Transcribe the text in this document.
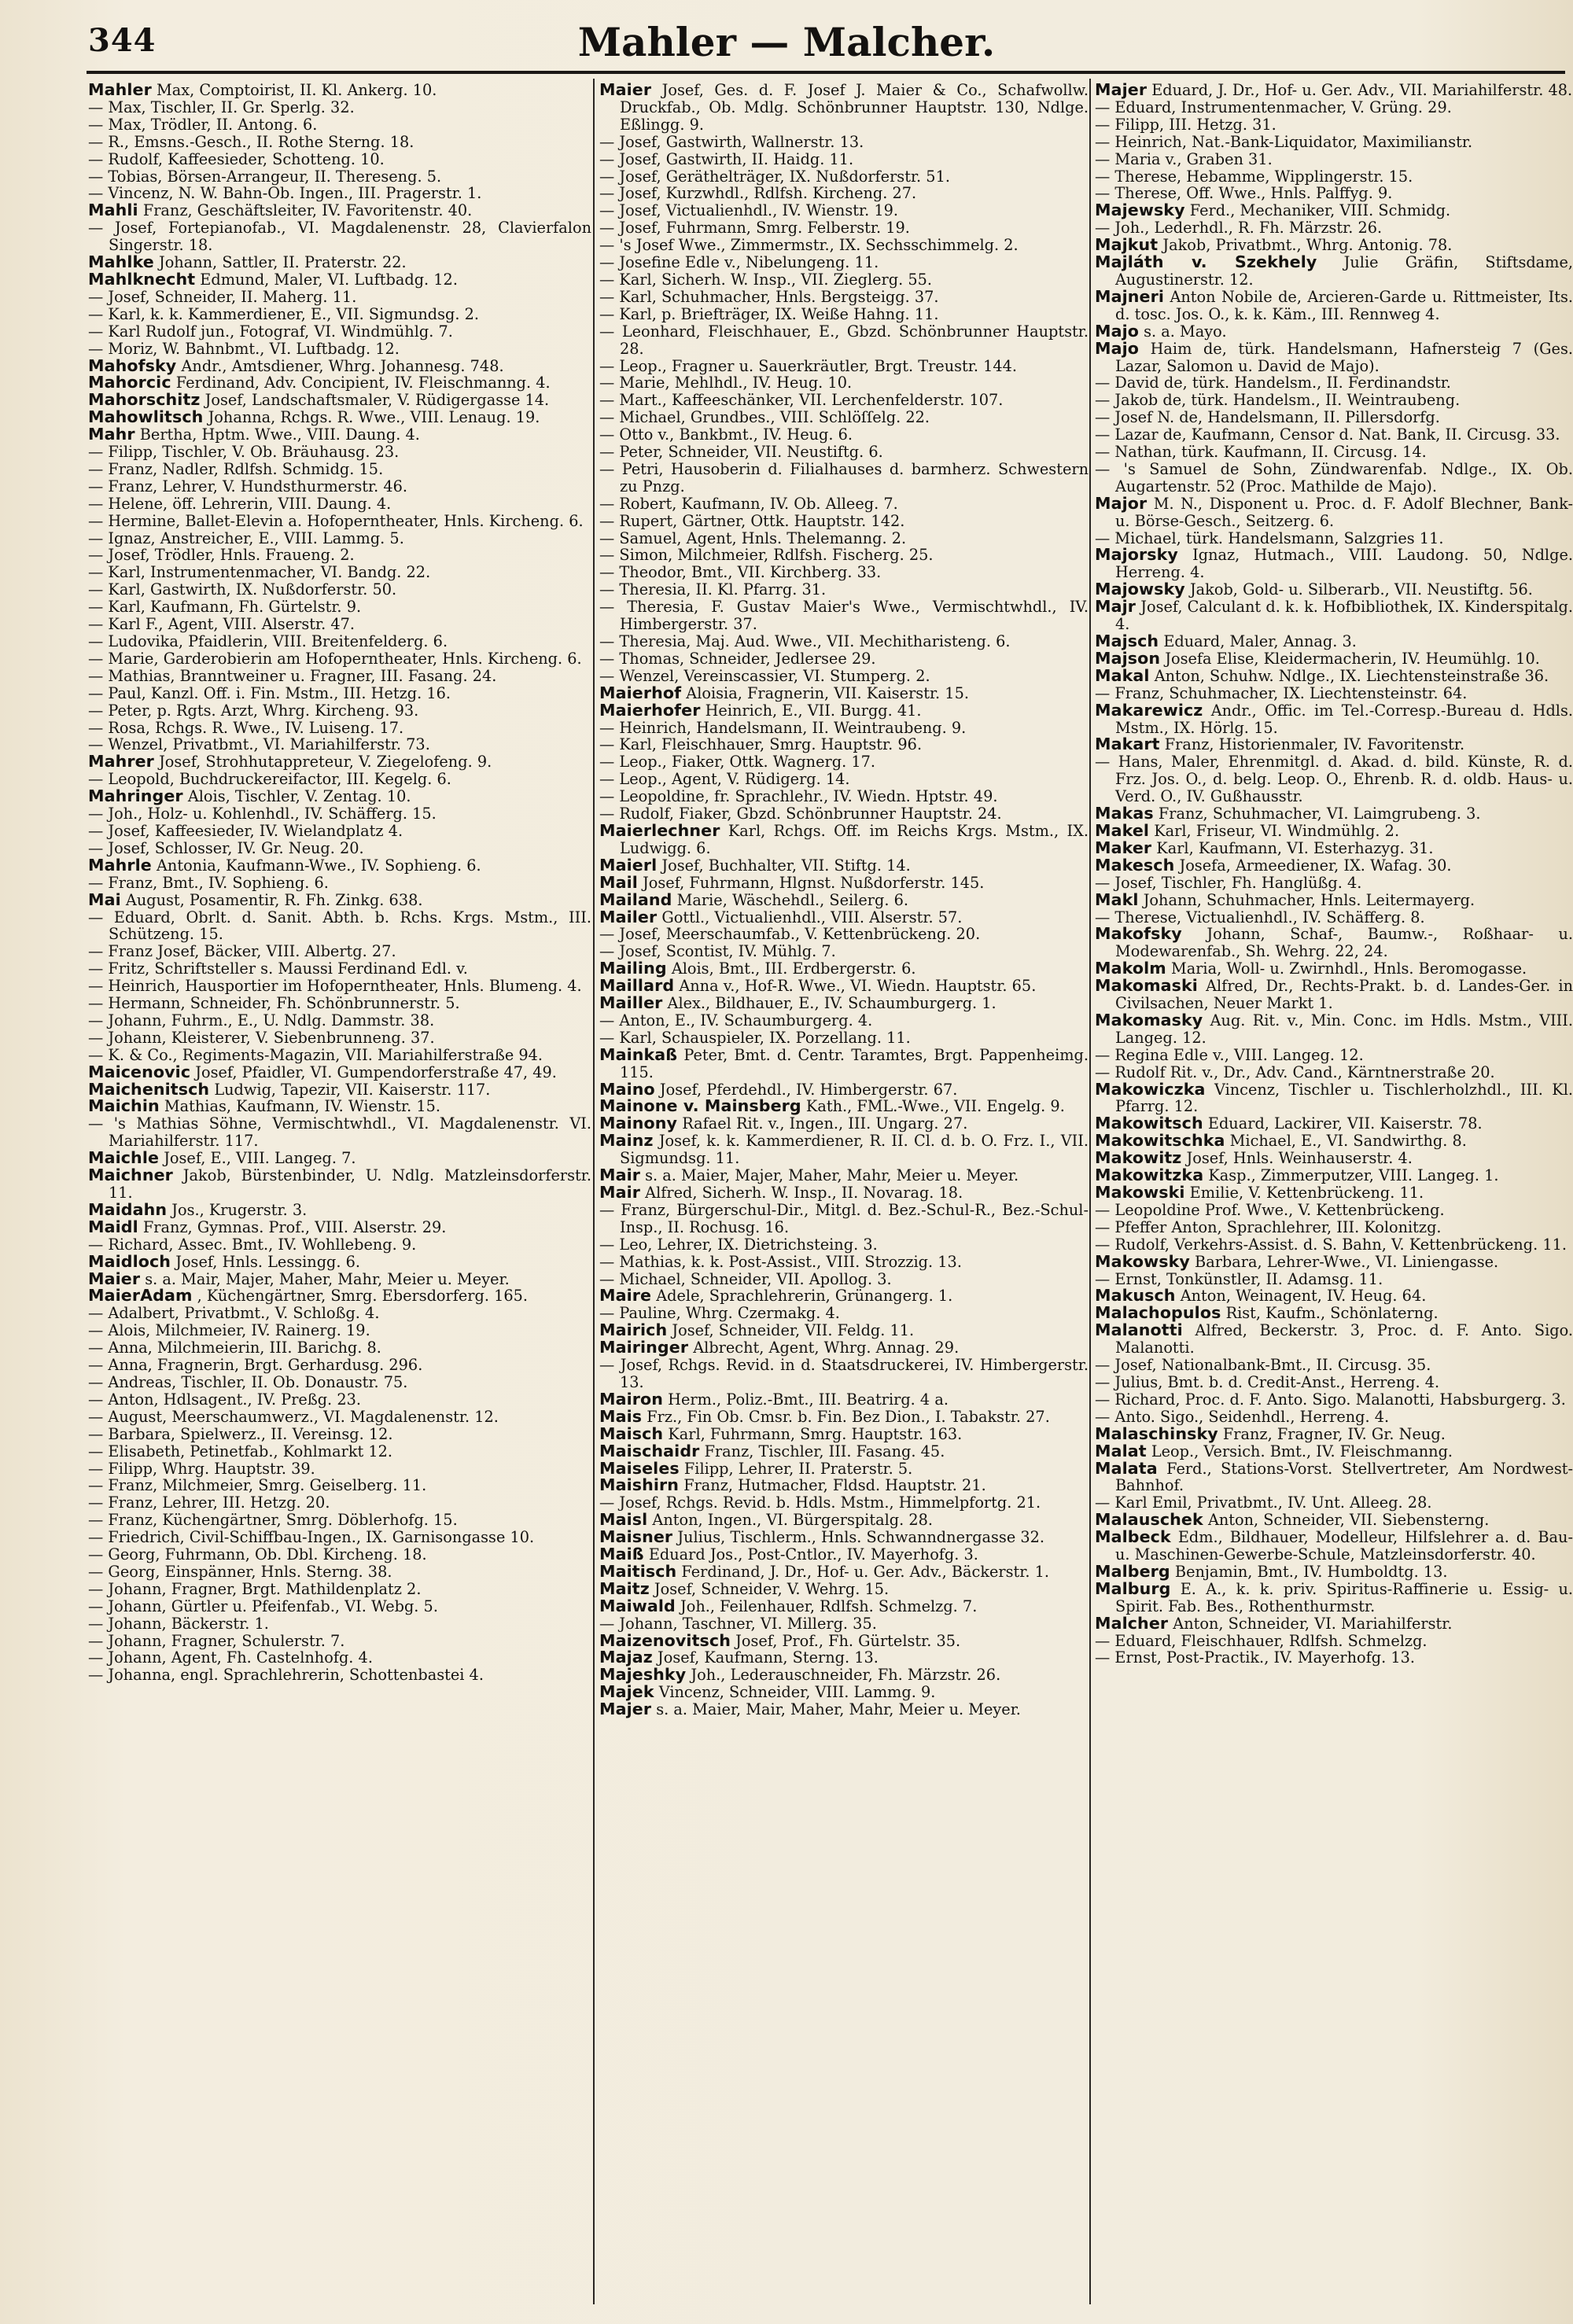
344	Mahler — Malcher.
Mahler Max, Comptoirist, II. Kl. Ankerg. 10.
— Max, Tischler, II. Gr. Sperlg. 32.
— Max, Trödler, II. Antong. 6.
— R., Emsns.-Gesch., II. Rothe Sterng. 18.
— Rudolf, Kaffeesieder, Schotteng. 10.
— Tobias, Börsen-Arrangeur, II. Thereseng. 5.
— Vincenz, N. W. Bahn-Ob. Ingen., III. Pragerstr. 1.
Mahli Franz, Geschäftsleiter, IV. Favoritenstr. 40.
— Josef, Fortepianofab., VI. Magdalenenstr. 28, Clavierfalon Singerstr. 18.
Mahlke Johann, Sattler, II. Praterstr. 22.
Mahlknecht Edmund, Maler, VI. Luftbadg. 12.
— Josef, Schneider, II. Maherg. 11.
— Karl, k. k. Kammerdiener, E., VII. Sigmundsg. 2.
— Karl Rudolf jun., Fotograf, VI. Windmühlg. 7.
— Moriz, W. Bahnbmt., VI. Luftbadg. 12.
Mahofsky Andr., Amtsdiener, Whrg. Johannesg. 748.
Mahorcic Ferdinand, Adv. Concipient, IV. Fleischmanng. 4.
Mahorschitz Josef, Landschaftsmaler, V. Rüdigergasse 14.
Mahowlitsch Johanna, Rchgs. R. Wwe., VIII. Lenaug. 19.
Mahr Bertha, Hptm. Wwe., VIII. Daung. 4.
— Filipp, Tischler, V. Ob. Bräuhausg. 23.
— Franz, Nadler, Rdlfsh. Schmidg. 15.
— Franz, Lehrer, V. Hundsthurmerstr. 46.
— Helene, öff. Lehrerin, VIII. Daung. 4.
— Hermine, Ballet-Elevin a. Hofoperntheater, Hnls. Kircheng. 6.
— Ignaz, Anstreicher, E., VIII. Lammg. 5.
— Josef, Trödler, Hnls. Fraueng. 2.
— Karl, Instrumentenmacher, VI. Bandg. 22.
— Karl, Gastwirth, IX. Nußdorferstr. 50.
— Karl, Kaufmann, Fh. Gürtelstr. 9.
— Karl F., Agent, VIII. Alserstr. 47.
— Ludovika, Pfaidlerin, VIII. Breitenfelderg. 6.
— Marie, Garderobierin am Hofoperntheater, Hnls. Kircheng. 6.
— Mathias, Branntweiner u. Fragner, III. Fasang. 24.
— Paul, Kanzl. Off. i. Fin. Mstm., III. Hetzg. 16.
— Peter, p. Rgts. Arzt, Whrg. Kircheng. 93.
— Rosa, Rchgs. R. Wwe., IV. Luiseng. 17.
— Wenzel, Privatbmt., VI. Mariahilferstr. 73.
Mahrer Josef, Strohhutappreteur, V. Ziegelofeng. 9.
— Leopold, Buchdruckereifactor, III. Kegelg. 6.
Mahringer Alois, Tischler, V. Zentag. 10.
— Joh., Holz- u. Kohlenhdl., IV. Schäfferg. 15.
— Josef, Kaffeesieder, IV. Wielandplatz 4.
— Josef, Schlosser, IV. Gr. Neug. 20.
Mahrle Antonia, Kaufmann-Wwe., IV. Sophieng. 6.
— Franz, Bmt., IV. Sophieng. 6.
Mai August, Posamentir, R. Fh. Zinkg. 638.
— Eduard, Obrlt. d. Sanit. Abth. b. Rchs. Krgs. Mstm., III. Schützeng. 15.
— Franz Josef, Bäcker, VIII. Albertg. 27.
— Fritz, Schriftsteller s. Maussi Ferdinand Edl. v.
— Heinrich, Hausportier im Hofoperntheater, Hnls. Blumeng. 4.
— Hermann, Schneider, Fh. Schönbrunnerstr. 5.
— Johann, Fuhrm., E., U. Ndlg. Dammstr. 38.
— Johann, Kleisterer, V. Siebenbrunneng. 37.
— K. & Co., Regiments-Magazin, VII. Mariahilferstraße 94.
Maicenovic Josef, Pfaidler, VI. Gumpendorferstraße 47, 49.
Maichenitsch Ludwig, Tapezir, VII. Kaiserstr. 117.
Maichin Mathias, Kaufmann, IV. Wienstr. 15.
— 's Mathias Söhne, Vermischtwhdl., VI. Magdalenenstr. VI. Mariahilferstr. 117.
Maichle Josef, E., VIII. Langeg. 7.
Maichner Jakob, Bürstenbinder, U. Ndlg. Matzleinsdorferstr. 11.
Maidahn Jos., Krugerstr. 3.
Maidl Franz, Gymnas. Prof., VIII. Alserstr. 29.
— Richard, Assec. Bmt., IV. Wohllebeng. 9.
Maidloch Josef, Hnls. Lessingg. 6.
Maier s. a. Mair, Majer, Maher, Mahr, Meier u. Meyer.
MaierAdam , Küchengärtner, Smrg. Ebersdorferg. 165.
— Adalbert, Privatbmt., V. Schloßg. 4.
— Alois, Milchmeier, IV. Rainerg. 19.
— Anna, Milchmeierin, III. Barichg. 8.
— Anna, Fragnerin, Brgt. Gerhardusg. 296.
— Andreas, Tischler, II. Ob. Donaustr. 75.
— Anton, Hdlsagent., IV. Preßg. 23.
— August, Meerschaumwerz., VI. Magdalenenstr. 12.
— Barbara, Spielwerz., II. Vereinsg. 12.
— Elisabeth, Petinetfab., Kohlmarkt 12.
— Filipp, Whrg. Hauptstr. 39.
— Franz, Milchmeier, Smrg. Geiselberg. 11.
— Franz, Lehrer, III. Hetzg. 20.
— Franz, Küchengärtner, Smrg. Döblerhofg. 15.
— Friedrich, Civil-Schiffbau-Ingen., IX. Garnisongasse 10.
— Georg, Fuhrmann, Ob. Dbl. Kircheng. 18.
— Georg, Einspänner, Hnls. Sterng. 38.
— Johann, Fragner, Brgt. Mathildenplatz 2.
— Johann, Gürtler u. Pfeifenfab., VI. Webg. 5.
— Johann, Bäckerstr. 1.
— Johann, Fragner, Schulerstr. 7.
— Johann, Agent, Fh. Castelnhofg. 4.
— Johanna, engl. Sprachlehrerin, Schottenbastei 4.
Maier Josef, Ges. d. F. Josef J. Maier & Co., Schafwollw. Druckfab., Ob. Mdlg. Schönbrunner Hauptstr. 130, Ndlge. Eßlingg. 9.
— Josef, Gastwirth, Wallnerstr. 13.
— Josef, Gastwirth, II. Haidg. 11.
— Josef, Geräthelträger, IX. Nußdorferstr. 51.
— Josef, Kurzwhdl., Rdlfsh. Kircheng. 27.
— Josef, Victualienhdl., IV. Wienstr. 19.
— Josef, Fuhrmann, Smrg. Felberstr. 19.
— 's Josef Wwe., Zimmermstr., IX. Sechsschimmelg. 2.
— Josefine Edle v., Nibelungeng. 11.
— Karl, Sicherh. W. Insp., VII. Zieglerg. 55.
— Karl, Schuhmacher, Hnls. Bergsteigg. 37.
— Karl, p. Briefträger, IX. Weiße Hahng. 11.
— Leonhard, Fleischhauer, E., Gbzd. Schönbrunner Hauptstr. 28.
— Leop., Fragner u. Sauerkräutler, Brgt. Treustr. 144.
— Marie, Mehlhdl., IV. Heug. 10.
— Mart., Kaffeeschänker, VII. Lerchenfelderstr. 107.
— Michael, Grundbes., VIII. Schlöſſelg. 22.
— Otto v., Bankbmt., IV. Heug. 6.
— Peter, Schneider, VII. Neustiftg. 6.
— Petri, Hausoberin d. Filialhauses d. barmherz. Schwestern zu Pnzg.
— Robert, Kaufmann, IV. Ob. Alleeg. 7.
— Rupert, Gärtner, Ottk. Hauptstr. 142.
— Samuel, Agent, Hnls. Thelemanng. 2.
— Simon, Milchmeier, Rdlfsh. Fischerg. 25.
— Theodor, Bmt., VII. Kirchberg. 33.
— Theresia, II. Kl. Pfarrg. 31.
— Theresia, F. Gustav Maier's Wwe., Vermischtwhdl., IV. Himbergerstr. 37.
— Theresia, Maj. Aud. Wwe., VII. Mechitharisteng. 6.
— Thomas, Schneider, Jedlersee 29.
— Wenzel, Vereinscassier, VI. Stumperg. 2.
Maierhof Aloisia, Fragnerin, VII. Kaiserstr. 15.
Maierhofer Heinrich, E., VII. Burgg. 41.
— Heinrich, Handelsmann, II. Weintraubeng. 9.
— Karl, Fleischhauer, Smrg. Hauptstr. 96.
— Leop., Fiaker, Ottk. Wagnerg. 17.
— Leop., Agent, V. Rüdigerg. 14.
— Leopoldine, fr. Sprachlehr., IV. Wiedn. Hptstr. 49.
— Rudolf, Fiaker, Gbzd. Schönbrunner Hauptstr. 24.
Maierlechner Karl, Rchgs. Off. im Reichs Krgs. Mstm., IX. Ludwigg. 6.
Maierl Josef, Buchhalter, VII. Stiftg. 14.
Mail Josef, Fuhrmann, Hlgnst. Nußdorferstr. 145.
Mailand Marie, Wäschehdl., Seilerg. 6.
Mailer Gottl., Victualienhdl., VIII. Alserstr. 57.
— Josef, Meerschaumfab., V. Kettenbrückeng. 20.
— Josef, Scontist, IV. Mühlg. 7.
Mailing Alois, Bmt., III. Erdbergerstr. 6.
Maillard Anna v., Hof-R. Wwe., VI. Wiedn. Hauptstr. 65.
Mailler Alex., Bildhauer, E., IV. Schaumburgerg. 1.
— Anton, E., IV. Schaumburgerg. 4.
— Karl, Schauspieler, IX. Porzellang. 11.
Mainkaß Peter, Bmt. d. Centr. Taramtes, Brgt. Pappenheimg. 115.
Maino Josef, Pferdehdl., IV. Himbergerstr. 67.
Mainone v. Mainsberg Kath., FML.-Wwe., VII. Engelg. 9.
Mainony Rafael Rit. v., Ingen., III. Ungarg. 27.
Mainz Josef, k. k. Kammerdiener, R. II. Cl. d. b. O. Frz. I., VII. Sigmundsg. 11.
Mair s. a. Maier, Majer, Maher, Mahr, Meier u. Meyer.
Mair Alfred, Sicherh. W. Insp., II. Novarag. 18.
— Franz, Bürgerschul-Dir., Mitgl. d. Bez.-Schul-R., Bez.-Schul-Insp., II. Rochusg. 16.
— Leo, Lehrer, IX. Dietrichsteing. 3.
— Mathias, k. k. Post-Assist., VIII. Strozzig. 13.
— Michael, Schneider, VII. Apollog. 3.
Maire Adele, Sprachlehrerin, Grünangerg. 1.
— Pauline, Whrg. Czermakg. 4.
Mairich Josef, Schneider, VII. Feldg. 11.
Mairinger Albrecht, Agent, Whrg. Annag. 29.
— Josef, Rchgs. Revid. in d. Staatsdruckerei, IV. Himbergerstr. 13.
Mairon Herm., Poliz.-Bmt., III. Beatrirg. 4 a.
Mais Frz., Fin Ob. Cmsr. b. Fin. Bez Dion., I. Tabakstr. 27.
Maisch Karl, Fuhrmann, Smrg. Hauptstr. 163.
Maischaidr Franz, Tischler, III. Fasang. 45.
Maiseles Filipp, Lehrer, II. Praterstr. 5.
Maishirn Franz, Hutmacher, Fldsd. Hauptstr. 21.
— Josef, Rchgs. Revid. b. Hdls. Mstm., Himmelpfortg. 21.
Maisl Anton, Ingen., VI. Bürgerspitalg. 28.
Maisner Julius, Tischlerm., Hnls. Schwanndnergasse 32.
Maiß Eduard Jos., Post-Cntlor., IV. Mayerhofg. 3.
Maitisch Ferdinand, J. Dr., Hof- u. Ger. Adv., Bäckerstr. 1.
Maitz Josef, Schneider, V. Wehrg. 15.
Maiwald Joh., Feilenhauer, Rdlfsh. Schmelzg. 7.
— Johann, Taschner, VI. Millerg. 35.
Maizenovitsch Josef, Prof., Fh. Gürtelstr. 35.
Majaz Josef, Kaufmann, Sterng. 13.
Majeshky Joh., Lederauschneider, Fh. Märzstr. 26.
Majek Vincenz, Schneider, VIII. Lammg. 9.
Majer s. a. Maier, Mair, Maher, Mahr, Meier u. Meyer.
Majer Eduard, J. Dr., Hof- u. Ger. Adv., VII. Mariahilferstr. 48.
— Eduard, Instrumentenmacher, V. Grüng. 29.
— Filipp, III. Hetzg. 31.
— Heinrich, Nat.-Bank-Liquidator, Maximilianstr.
— Maria v., Graben 31.
— Therese, Hebamme, Wipplingerstr. 15.
— Therese, Off. Wwe., Hnls. Palffyg. 9.
Majewsky Ferd., Mechaniker, VIII. Schmidg.
— Joh., Lederhdl., R. Fh. Märzstr. 26.
Majkut Jakob, Privatbmt., Whrg. Antonig. 78.
Majláth v. Szekhely Julie Gräfin, Stiftsdame, Augustinerstr. 12.
Majneri Anton Nobile de, Arcieren-Garde u. Rittmeister, Its. d. tosc. Jos. O., k. k. Käm., III. Rennweg 4.
Majo s. a. Mayo.
Majo Haim de, türk. Handelsmann, Hafnersteig 7 (Ges. Lazar, Salomon u. David de Majo).
— David de, türk. Handelsm., II. Ferdinandstr.
— Jakob de, türk. Handelsm., II. Weintraubeng.
— Josef N. de, Handelsmann, II. Pillersdorfg.
— Lazar de, Kaufmann, Censor d. Nat. Bank, II. Circusg. 33.
— Nathan, türk. Kaufmann, II. Circusg. 14.
— 's Samuel de Sohn, Zündwarenfab. Ndlge., IX. Ob. Augartenstr. 52 (Proc. Mathilde de Majo).
Major M. N., Disponent u. Proc. d. F. Adolf Blechner, Bank- u. Börse-Gesch., Seitzerg. 6.
— Michael, türk. Handelsmann, Salzgries 11.
Majorsky Ignaz, Hutmach., VIII. Laudong. 50, Ndlge. Herreng. 4.
Majowsky Jakob, Gold- u. Silberarb., VII. Neustiftg. 56.
Majr Josef, Calculant d. k. k. Hofbibliothek, IX. Kinderspitalg. 4.
Majsch Eduard, Maler, Annag. 3.
Majson Josefa Elise, Kleidermacherin, IV. Heumühlg. 10.
Makal Anton, Schuhw. Ndlge., IX. Liechtensteinstraße 36.
— Franz, Schuhmacher, IX. Liechtensteinstr. 64.
Makarewicz Andr., Offic. im Tel.-Corresp.-Bureau d. Hdls. Mstm., IX. Hörlg. 15.
Makart Franz, Historienmaler, IV. Favoritenstr.
— Hans, Maler, Ehrenmitgl. d. Akad. d. bild. Künste, R. d. Frz. Jos. O., d. belg. Leop. O., Ehrenb. R. d. oldb. Haus- u. Verd. O., IV. Gußhausstr.
Makas Franz, Schuhmacher, VI. Laimgrubeng. 3.
Makel Karl, Friseur, VI. Windmühlg. 2.
Maker Karl, Kaufmann, VI. Esterhazyg. 31.
Makesch Josefa, Armeediener, IX. Wafag. 30.
— Josef, Tischler, Fh. Hanglüßg. 4.
Makl Johann, Schuhmacher, Hnls. Leitermayerg.
— Therese, Victualienhdl., IV. Schäfferg. 8.
Makofsky Johann, Schaf-, Baumw.-, Roßhaar- u. Modewarenfab., Sh. Wehrg. 22, 24.
Makolm Maria, Woll- u. Zwirnhdl., Hnls. Beromogasse.
Makomaski Alfred, Dr., Rechts-Prakt. b. d. Landes-Ger. in Civilsachen, Neuer Markt 1.
Makomasky Aug. Rit. v., Min. Conc. im Hdls. Mstm., VIII. Langeg. 12.
— Regina Edle v., VIII. Langeg. 12.
— Rudolf Rit. v., Dr., Adv. Cand., Kärntnerstraße 20.
Makowiczka Vincenz, Tischler u. Tischlerholzhdl., III. Kl. Pfarrg. 12.
Makowitsch Eduard, Lackirer, VII. Kaiserstr. 78.
Makowitschka Michael, E., VI. Sandwirthg. 8.
Makowitz Josef, Hnls. Weinhauserstr. 4.
Makowitzka Kasp., Zimmerputzer, VIII. Langeg. 1.
Makowski Emilie, V. Kettenbrückeng. 11.
— Leopoldine Prof. Wwe., V. Kettenbrückeng.
— Pfeffer Anton, Sprachlehrer, III. Kolonitzg.
— Rudolf, Verkehrs-Assist. d. S. Bahn, V. Kettenbrückeng. 11.
Makowsky Barbara, Lehrer-Wwe., VI. Liniengasse.
— Ernst, Tonkünstler, II. Adamsg. 11.
Makusch Anton, Weinagent, IV. Heug. 64.
Malachopulos Rist, Kaufm., Schönlaterng.
Malanotti Alfred, Beckerstr. 3, Proc. d. F. Anto. Sigo. Malanotti.
— Josef, Nationalbank-Bmt., II. Circusg. 35.
— Julius, Bmt. b. d. Credit-Anst., Herreng. 4.
— Richard, Proc. d. F. Anto. Sigo. Malanotti, Habsburgerg. 3.
— Anto. Sigo., Seidenhdl., Herreng. 4.
Malaschinsky Franz, Fragner, IV. Gr. Neug.
Malat Leop., Versich. Bmt., IV. Fleischmanng.
Malata Ferd., Stations-Vorst. Stellvertreter, Am Nordwest-Bahnhof.
— Karl Emil, Privatbmt., IV. Unt. Alleeg. 28.
Malauschek Anton, Schneider, VII. Siebensterng.
Malbeck Edm., Bildhauer, Modelleur, Hilfslehrer a. d. Bau- u. Maschinen-Gewerbe-Schule, Matzleinsdorferstr. 40.
Malberg Benjamin, Bmt., IV. Humboldtg. 13.
Malburg E. A., k. k. priv. Spiritus-Raffinerie u. Essig- u. Spirit. Fab. Bes., Rothenthurmstr.
Malcher Anton, Schneider, VI. Mariahilferstr.
— Eduard, Fleischhauer, Rdlfsh. Schmelzg.
— Ernst, Post-Practik., IV. Mayerhofg. 13.
